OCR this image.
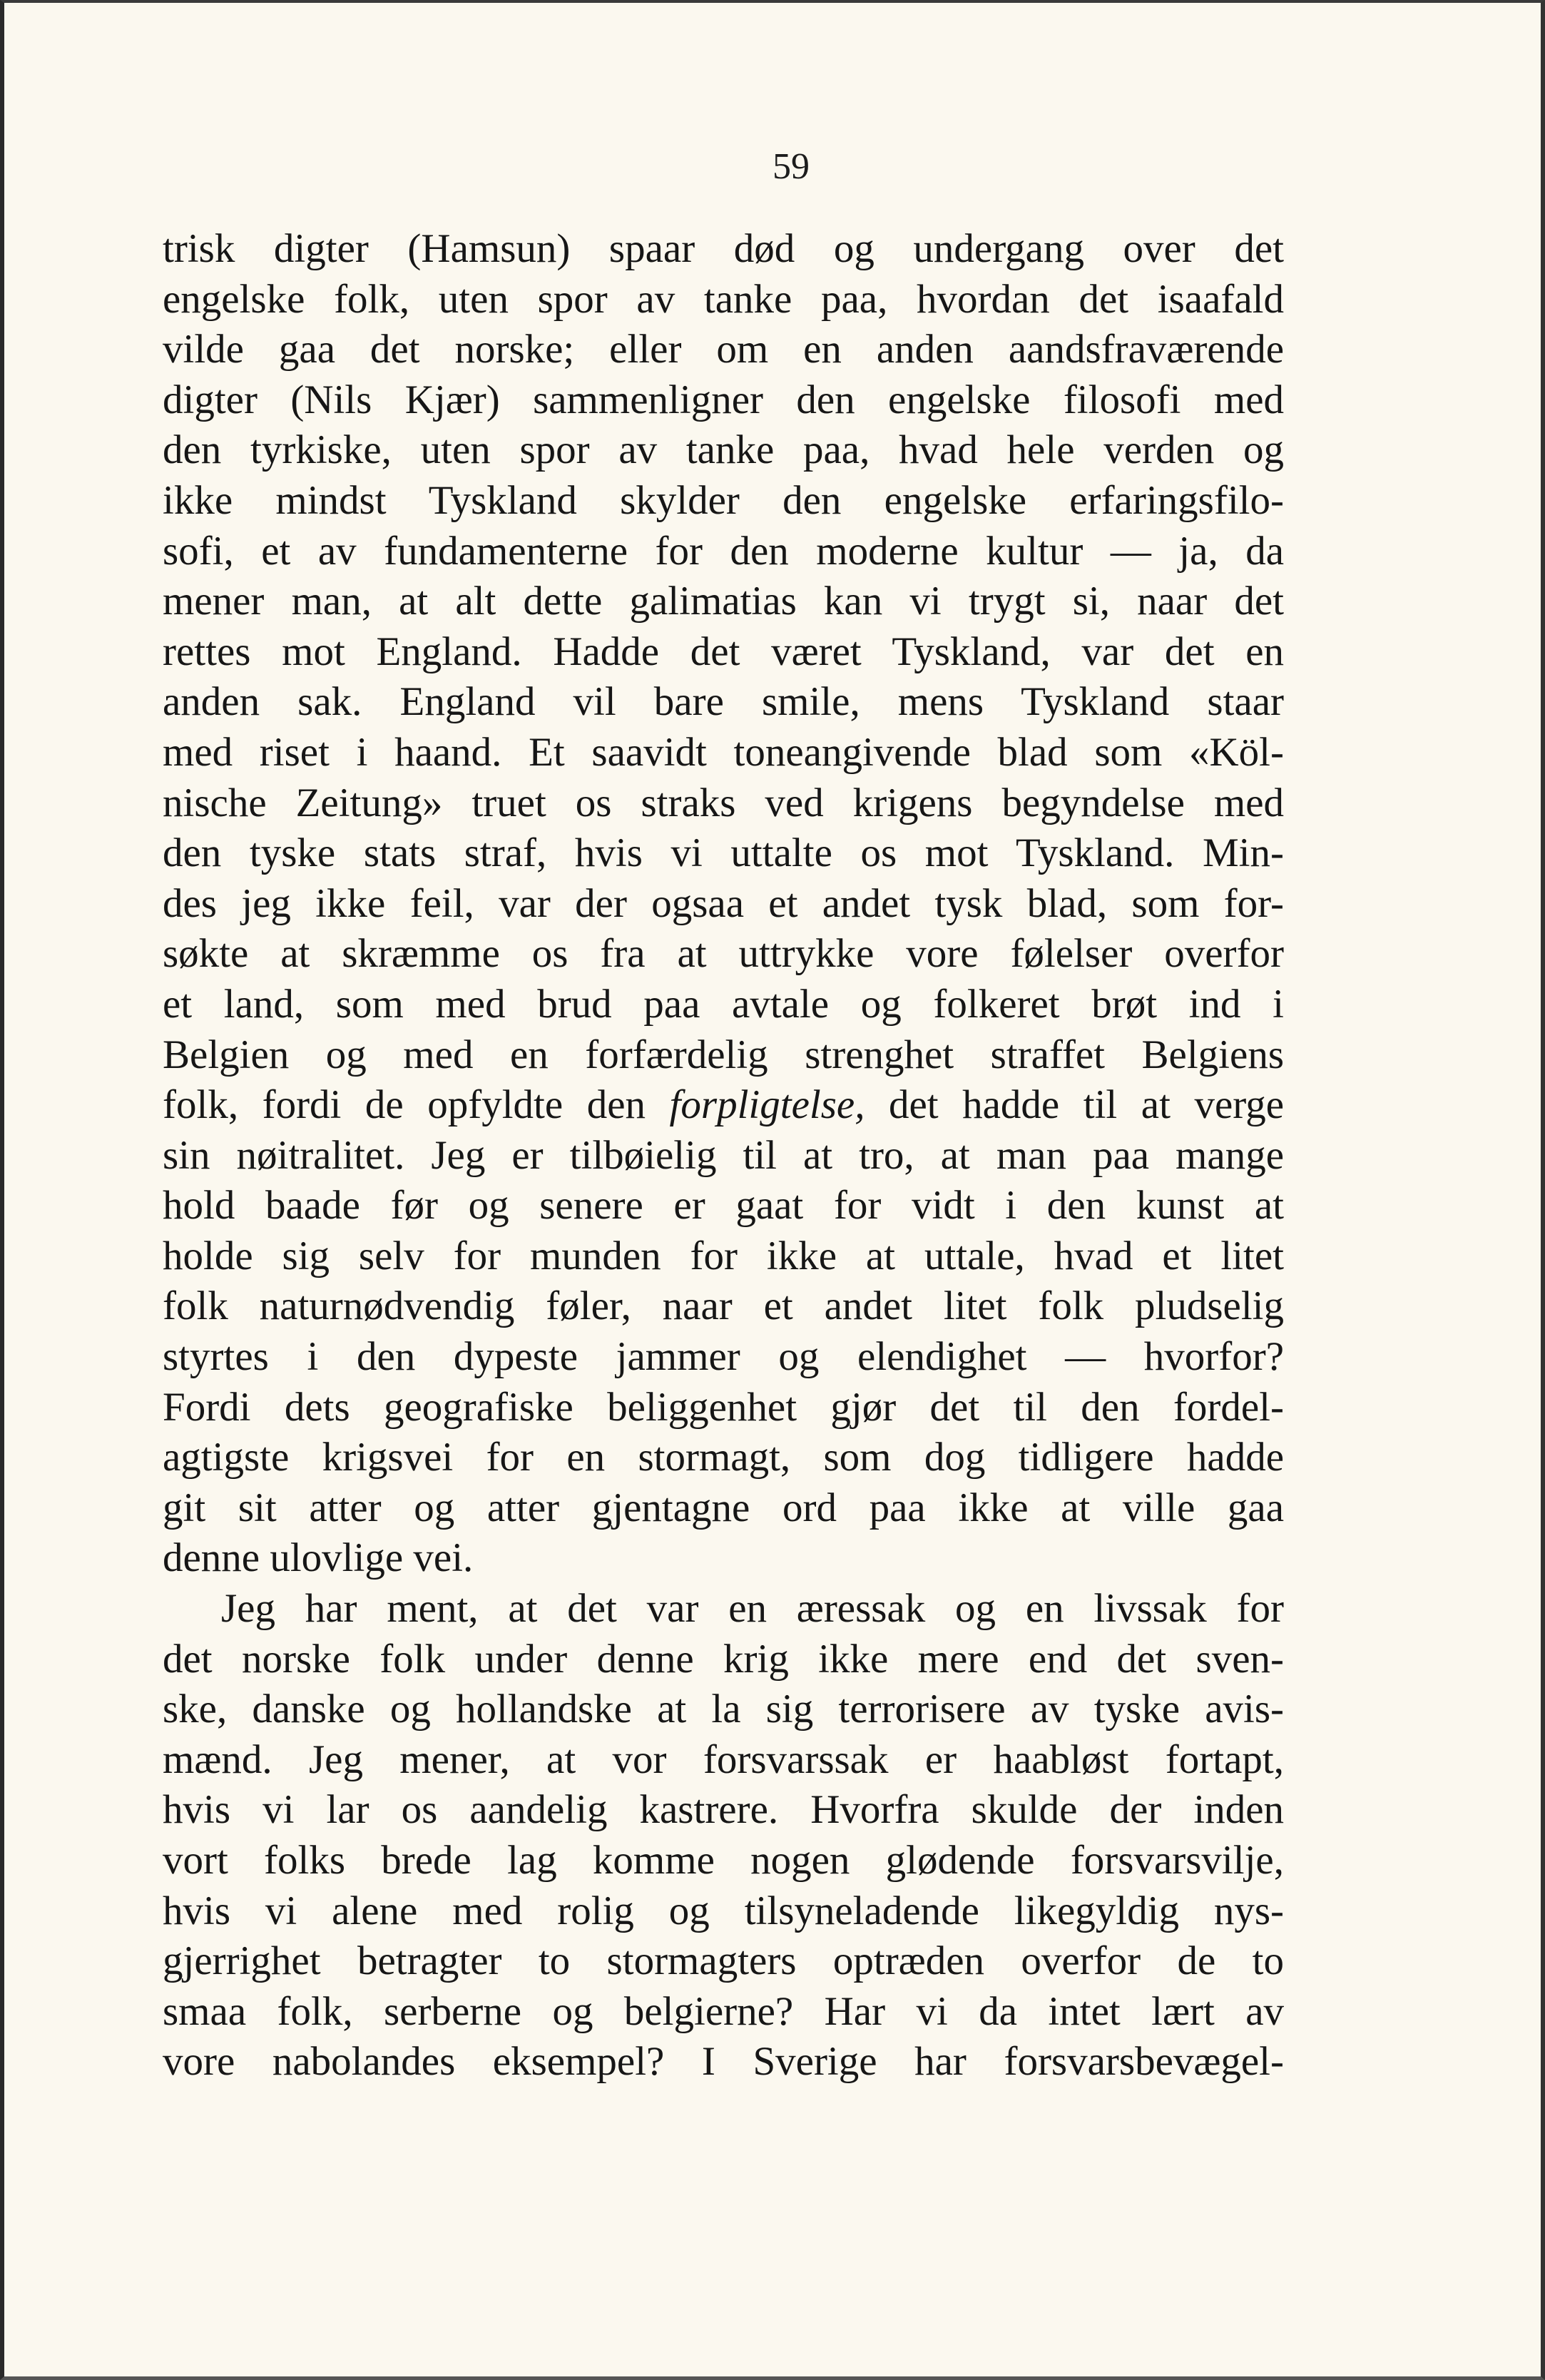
59
trisk digter (Hamsun) spaar død og undergang over det
engelske folk, uten spor av tanke paa, hvordan det isaafald
vilde gaa det norske; eller om en anden aandsfraværende
digter (Nils Kjær) sammenligner den engelske filosofi med
den tyrkiske, uten spor av tanke paa, hvad hele verden og
ikke mindst Tyskland skylder den engelske erfaringsfilo-
sofi, et av fundamenterne for den moderne kultur — ja, da
mener man, at alt dette galimatias kan vi trygt si, naar det
rettes mot England. Hadde det været Tyskland, var det en
anden sak. England vil bare smile, mens Tyskland staar
med riset i haand. Et saavidt toneangivende blad som «Köl-
nische Zeitung» truet os straks ved krigens begyndelse med
den tyske stats straf, hvis vi uttalte os mot Tyskland. Min-
des jeg ikke feil, var der ogsaa et andet tysk blad, som for-
søkte at skræmme os fra at uttrykke vore følelser overfor
et land, som med brud paa avtale og folkeret brøt ind i
Belgien og med en forfærdelig strenghet straffet Belgiens
folk, fordi de opfyldte den forpligtelse, det hadde til at verge
sin nøitralitet. Jeg er tilbøielig til at tro, at man paa mange
hold baade før og senere er gaat for vidt i den kunst at
holde sig selv for munden for ikke at uttale, hvad et litet
folk naturnødvendig føler, naar et andet litet folk pludselig
styrtes i den dypeste jammer og elendighet — hvorfor?
Fordi dets geografiske beliggenhet gjør det til den fordel-
agtigste krigsvei for en stormagt, som dog tidligere hadde
git sit atter og atter gjentagne ord paa ikke at ville gaa
denne ulovlige vei.
Jeg har ment, at det var en æressak og en livssak for
det norske folk under denne krig ikke mere end det sven-
ske, danske og hollandske at la sig terrorisere av tyske avis-
mænd. Jeg mener, at vor forsvarssak er haabløst fortapt,
hvis vi lar os aandelig kastrere. Hvorfra skulde der inden
vort folks brede lag komme nogen glødende forsvarsvilje,
hvis vi alene med rolig og tilsyneladende likegyldig nys-
gjerrighet betragter to stormagters optræden overfor de to
smaa folk, serberne og belgierne? Har vi da intet lært av
vore nabolandes eksempel? I Sverige har forsvarsbevægel-
